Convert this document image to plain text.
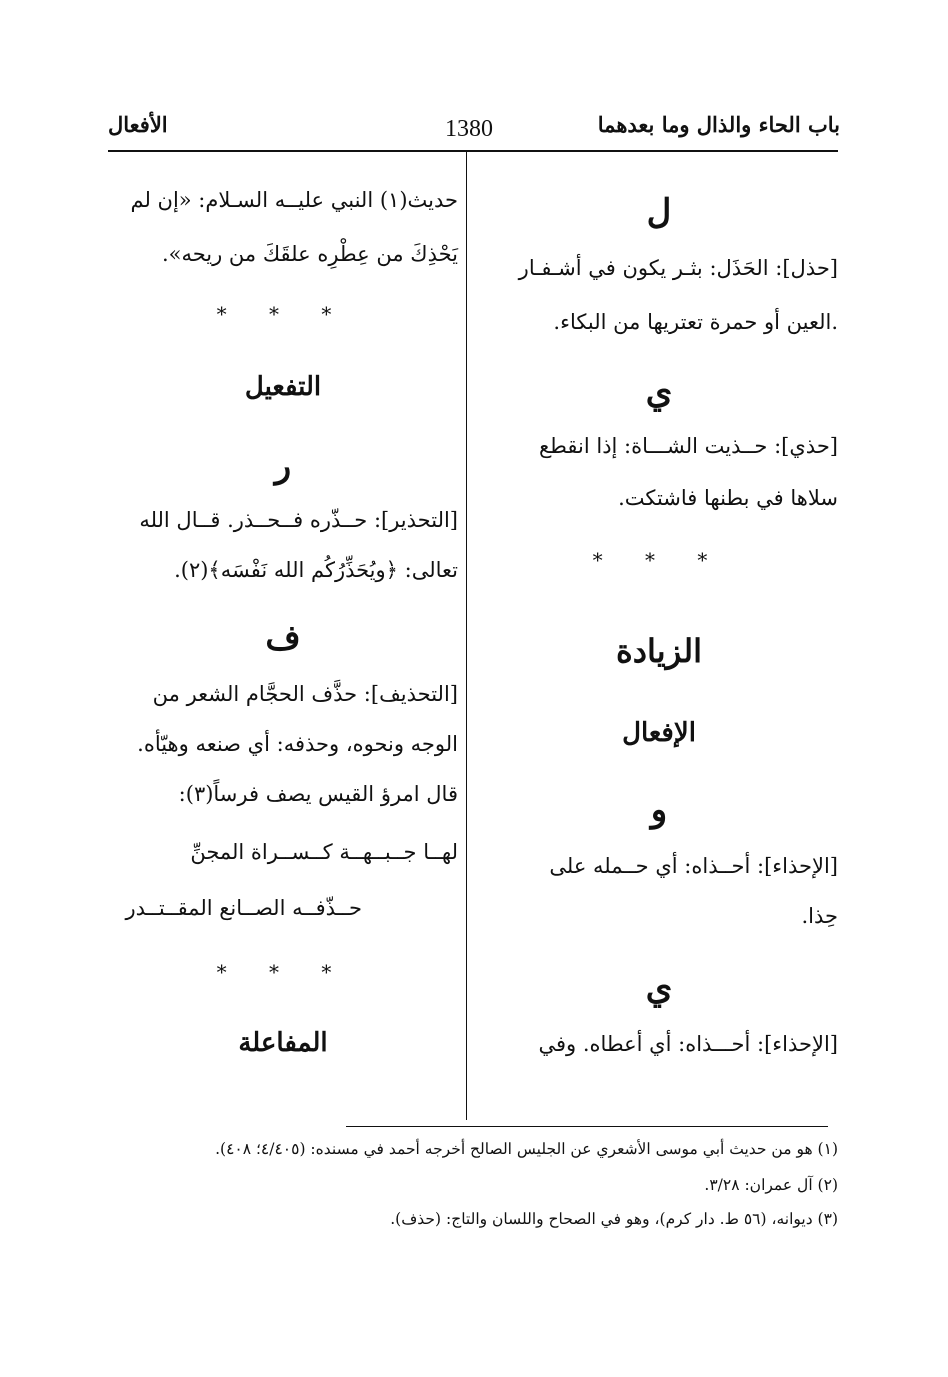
باب الحاء والذال وما بعدهما
1380
الأفعال
ل
[حذل]: الحَذَل: بثـر يكون في أشـفـار
.العين أو حمرة تعتريها من البكاء.
ي
[حذي]: حــذيت الشـــاة: إذا انقطع
سلاها في بطنها فاشتكت.
* * *
الزيادة
الإفعال
و
[الإحذاء]: أحــذاه: أي حــمله على
حِذا.
ي
[الإحذاء]: أحـــذاه: أي أعطاه. وفي
حديث(١) النبي عليــه السـلام: «إن لم
يَحْذِكَ من عِطْرِه علقَكَ من ريحه».
* * *
التفعيل
ر
[التحذير]: حــذّره فــحــذر. قــال الله
تعالى: ﴿ويُحَذِّرُكُم الله نَفْسَه﴾(٢).
ف
[التحذيف]: حذَّف الحجَّام الشعر من
الوجه ونحوه، وحذفه: أي صنعه وهيّأه.
قال امرؤ القيس يصف فرساً(٣):
لهــا جــبــهــة كــســراة المجنِّ
حــذّفــه الصــانع المقــتــدر
* * *
المفاعلة
(١) هو من حديث أبي موسى الأشعري عن الجليس الصالح أخرجه أحمد في مسنده: (٤/٤٠٥؛ ٤٠٨).
(٢) آل عمران: ٣/٢٨.
(٣) ديوانه، (٥٦ ط. دار كرم)، وهو في الصحاح واللسان والتاج: (حذف).
